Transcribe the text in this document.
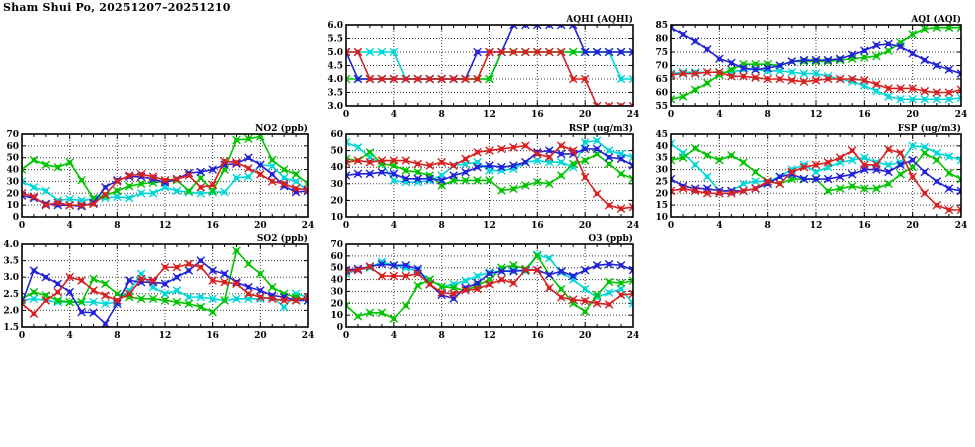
Sham Shui Po, 20251207–20251210
AQHI (AQHI)
3.0
3.5
4.0
4.5
5.0
5.5
6.0
0	4	8	12	16	20	24
AQI (AQI)
55
60
65
70
75
80
85
0	4	8	12	16	20	24
NO2 (ppb)
0
10
20
30
40
50
60
70
0	4	8	12	16	20	24
RSP (ug/m3)
10
20
30
40
50
60
0	4	8	12	16	20	24
FSP (ug/m3)
10
15
20
25
30
35
40
45
0	4	8	12	16	20	24
SO2 (ppb)
1.5
2.0
2.5
3.0
3.5
4.0
0	4	8	12	16	20	24
O3 (ppb)
0
10
20
30
40
50
60
70
0	4	8	12	16	20	24
